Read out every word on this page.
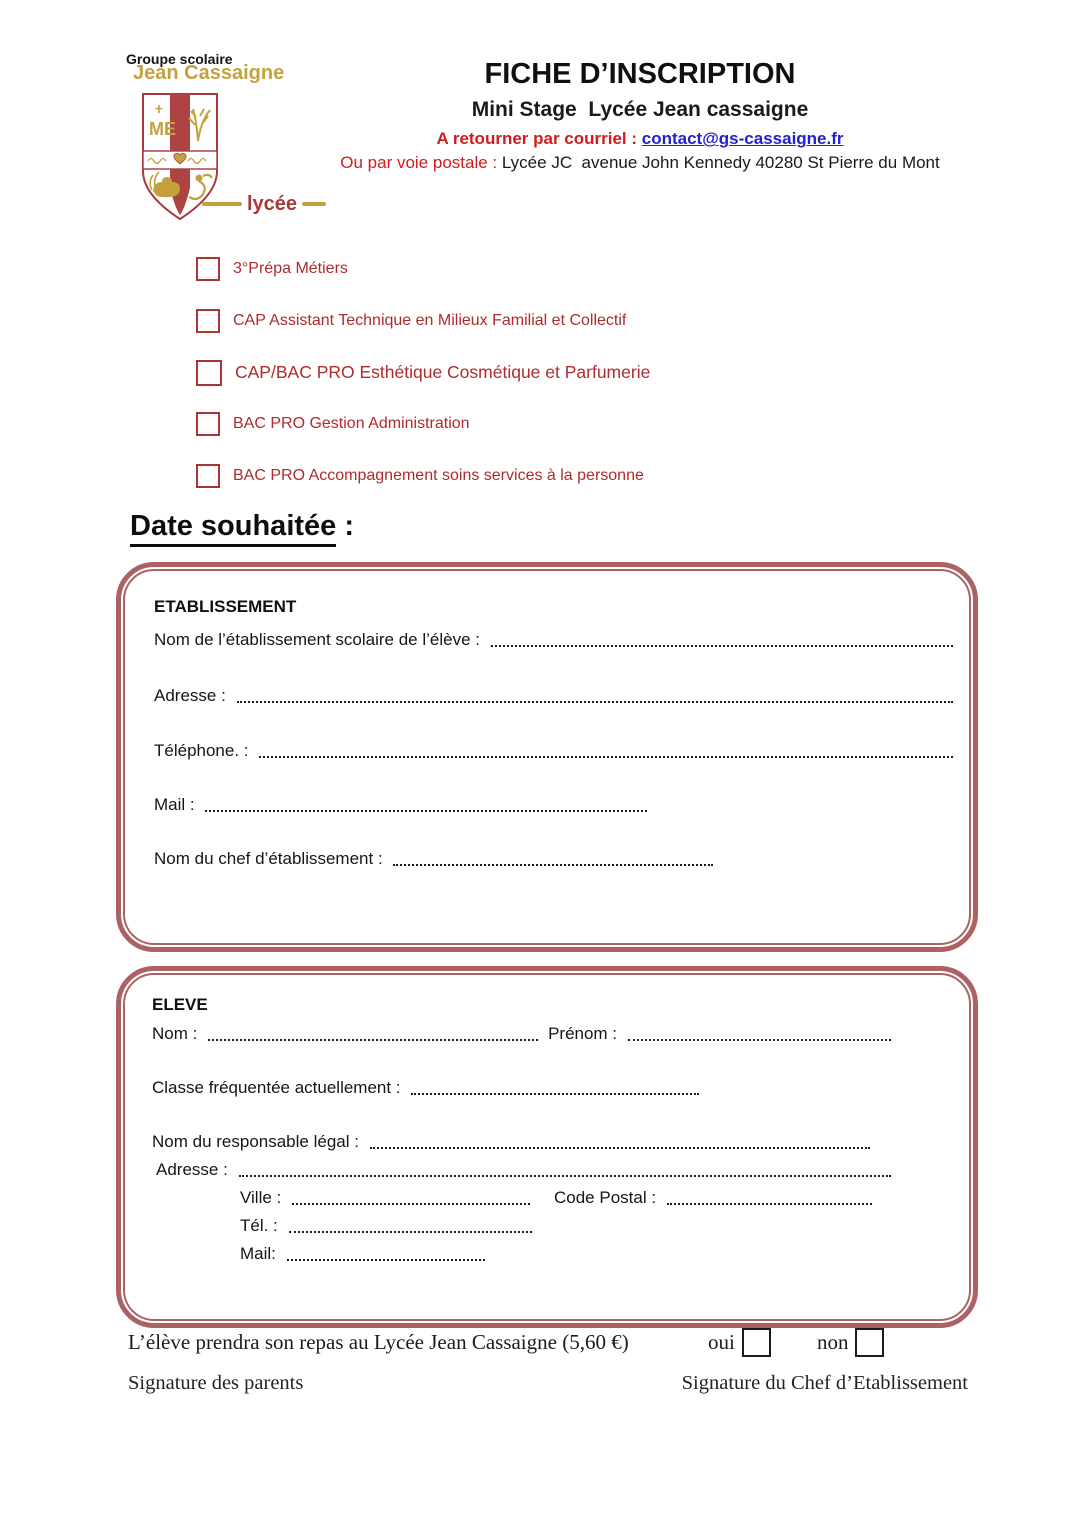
Groupe scolaire
Jean Cassaigne
ME
lycée
FICHE D’INSCRIPTION
Mini Stage  Lycée Jean cassaigne
A retourner par courriel : contact@gs-cassaigne.fr
Ou par voie postale : Lycée JC  avenue John Kennedy 40280 St Pierre du Mont
3°Prépa Métiers
CAP Assistant Technique en Milieux Familial et Collectif
CAP/BAC PRO Esthétique Cosmétique et Parfumerie
BAC PRO Gestion Administration
BAC PRO Accompagnement soins services à la personne
Date souhaitée :
ETABLISSEMENT
Nom de l’établissement scolaire de l’élève :
Adresse :
Téléphone. :
Mail :
Nom du chef d’établissement :
ELEVE
Nom :	Prénom :
Classe fréquentée actuellement :
Nom du responsable légal :
Adresse :
Ville :	Code Postal :
Tél. :
Mail:
L’élève prendra son repas au Lycée Jean Cassaigne (5,60 €)	oui	non
Signature des parents	Signature du Chef d’Etablissement
